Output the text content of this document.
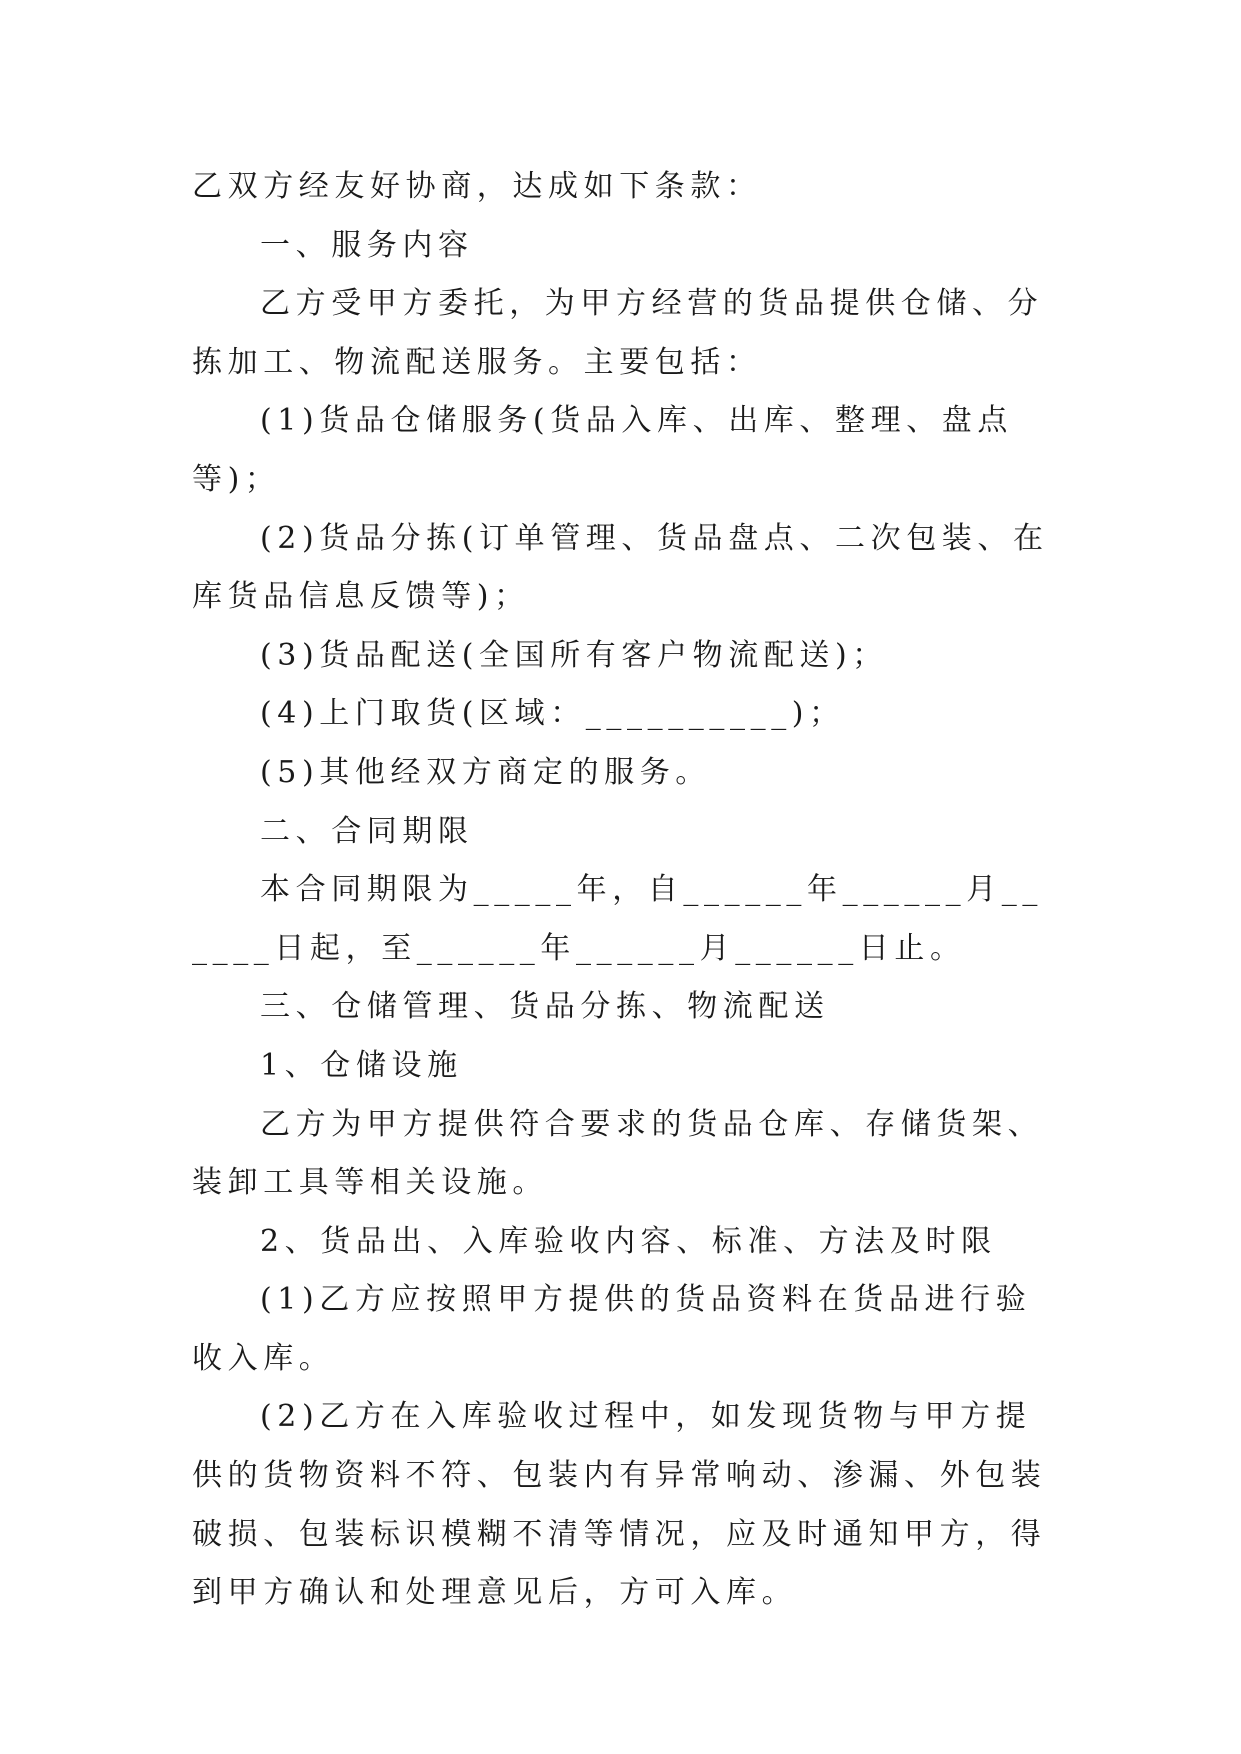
乙双方经友好协商，达成如下条款：

一、服务内容

乙方受甲方委托，为甲方经营的货品提供仓储、分拣加工、物流配送服务。主要包括：

(1)货品仓储服务(货品入库、出库、整理、盘点等)；

(2)货品分拣(订单管理、货品盘点、二次包装、在库货品信息反馈等)；

(3)货品配送(全国所有客户物流配送)；

(4)上门取货(区域：__________)；

(5)其他经双方商定的服务。

二、合同期限

本合同期限为_____年，自______年______月______日起，至______年______月______日止。

三、仓储管理、货品分拣、物流配送

1、仓储设施

乙方为甲方提供符合要求的货品仓库、存储货架、装卸工具等相关设施。

2、货品出、入库验收内容、标准、方法及时限

(1)乙方应按照甲方提供的货品资料在货品进行验收入库。

(2)乙方在入库验收过程中，如发现货物与甲方提供的货物资料不符、包装内有异常响动、渗漏、外包装破损、包装标识模糊不清等情况，应及时通知甲方，得到甲方确认和处理意见后，方可入库。
